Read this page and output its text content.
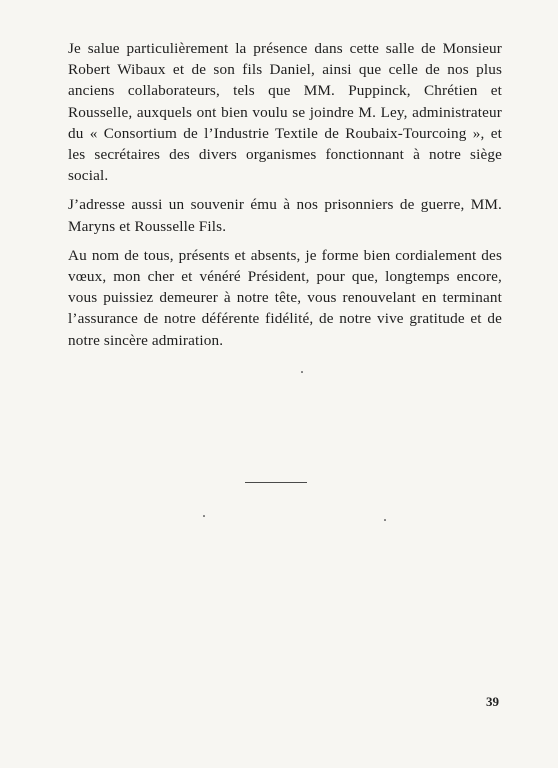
Je salue particulièrement la présence dans cette salle de Monsieur Robert Wibaux et de son fils Daniel, ainsi que celle de nos plus anciens collaborateurs, tels que MM. Puppinck, Chrétien et Rousselle, auxquels ont bien voulu se joindre M. Ley, administrateur du « Consortium de l’Industrie Textile de Roubaix-Tourcoing », et les secrétaires des divers organismes fonctionnant à notre siège social.

J’adresse aussi un souvenir ému à nos prisonniers de guerre, MM. Maryns et Rousselle Fils.

Au nom de tous, présents et absents, je forme bien cordialement des vœux, mon cher et vénéré Président, pour que, longtemps encore, vous puissiez demeurer à notre tête, vous renouvelant en terminant l’assurance de notre déférente fidélité, de notre vive gratitude et de notre sincère admiration.

39
